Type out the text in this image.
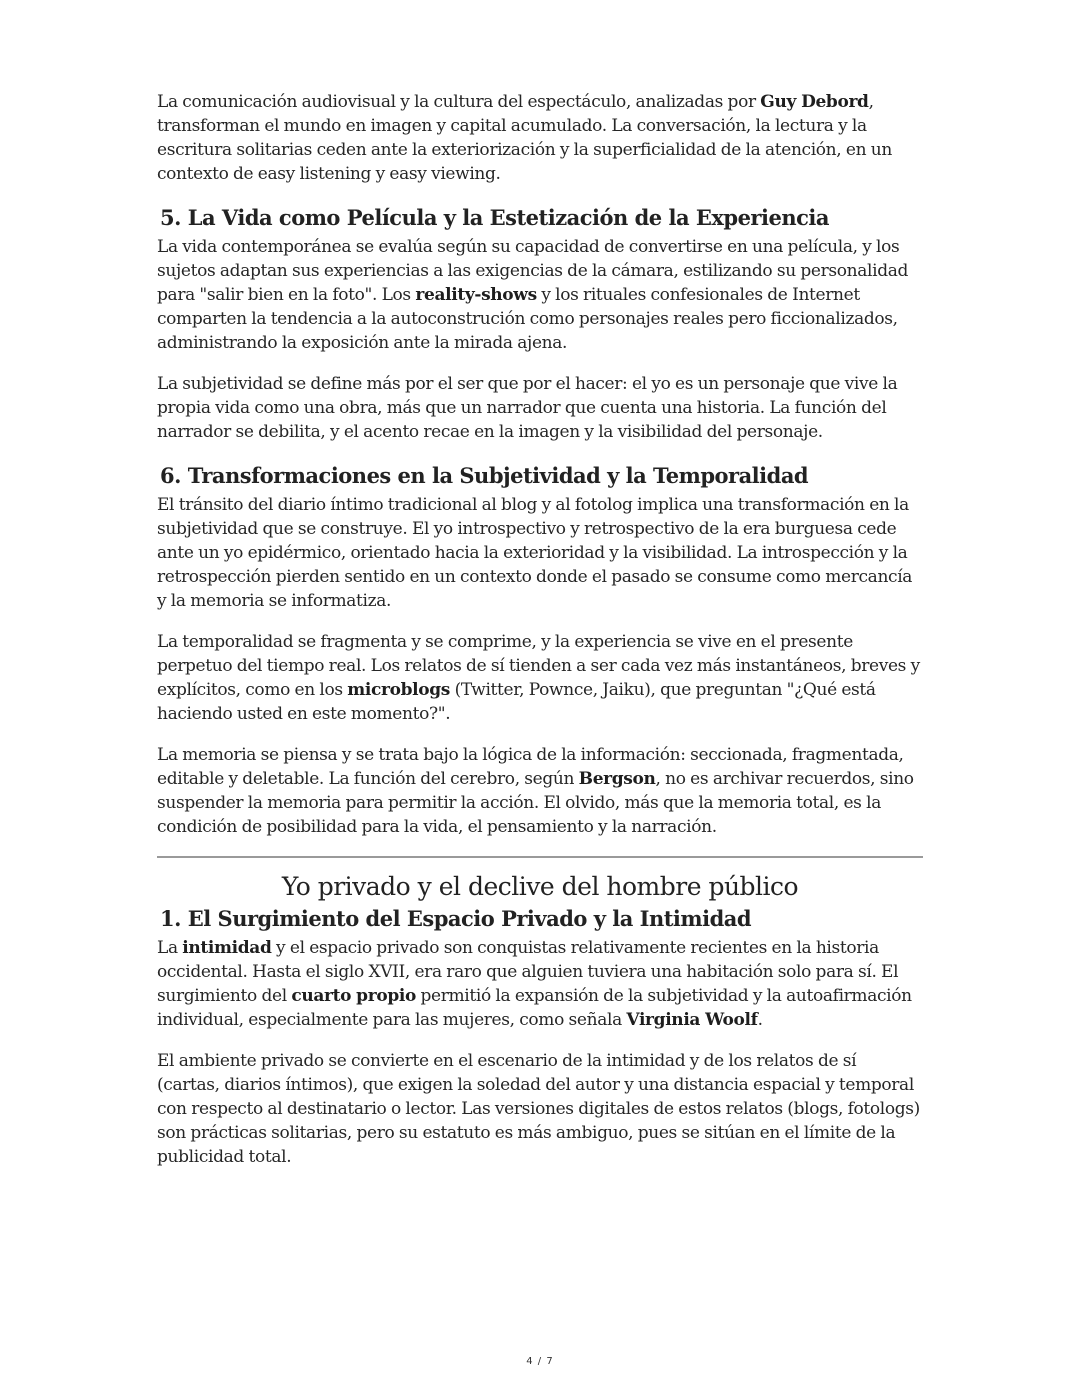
La comunicación audiovisual y la cultura del espectáculo, analizadas por Guy Debord, transforman el mundo en imagen y capital acumulado. La conversación, la lectura y la escritura solitarias ceden ante la exteriorización y la superficialidad de la atención, en un contexto de easy listening y easy viewing.

5. La Vida como Película y la Estetización de la Experiencia

La vida contemporánea se evalúa según su capacidad de convertirse en una película, y los sujetos adaptan sus experiencias a las exigencias de la cámara, estilizando su personalidad para "salir bien en la foto". Los reality-shows y los rituales confesionales de Internet comparten la tendencia a la autoconstrución como personajes reales pero ficcionalizados, administrando la exposición ante la mirada ajena.

La subjetividad se define más por el ser que por el hacer: el yo es un personaje que vive la propia vida como una obra, más que un narrador que cuenta una historia. La función del narrador se debilita, y el acento recae en la imagen y la visibilidad del personaje.

6. Transformaciones en la Subjetividad y la Temporalidad

El tránsito del diario íntimo tradicional al blog y al fotolog implica una transformación en la subjetividad que se construye. El yo introspectivo y retrospectivo de la era burguesa cede ante un yo epidérmico, orientado hacia la exterioridad y la visibilidad. La introspección y la retrospección pierden sentido en un contexto donde el pasado se consume como mercancía y la memoria se informatiza.

La temporalidad se fragmenta y se comprime, y la experiencia se vive en el presente perpetuo del tiempo real. Los relatos de sí tienden a ser cada vez más instantáneos, breves y explícitos, como en los microblogs (Twitter, Pownce, Jaiku), que preguntan "¿Qué está haciendo usted en este momento?".

La memoria se piensa y se trata bajo la lógica de la información: seccionada, fragmentada, editable y deletable. La función del cerebro, según Bergson, no es archivar recuerdos, sino suspender la memoria para permitir la acción. El olvido, más que la memoria total, es la condición de posibilidad para la vida, el pensamiento y la narración.

Yo privado y el declive del hombre público
1. El Surgimiento del Espacio Privado y la Intimidad

La intimidad y el espacio privado son conquistas relativamente recientes en la historia occidental. Hasta el siglo XVII, era raro que alguien tuviera una habitación solo para sí. El surgimiento del cuarto propio permitió la expansión de la subjetividad y la autoafirmación individual, especialmente para las mujeres, como señala Virginia Woolf.

El ambiente privado se convierte en el escenario de la intimidad y de los relatos de sí (cartas, diarios íntimos), que exigen la soledad del autor y una distancia espacial y temporal con respecto al destinatario o lector. Las versiones digitales de estos relatos (blogs, fotologs) son prácticas solitarias, pero su estatuto es más ambiguo, pues se sitúan en el límite de la publicidad total.

4 / 7
